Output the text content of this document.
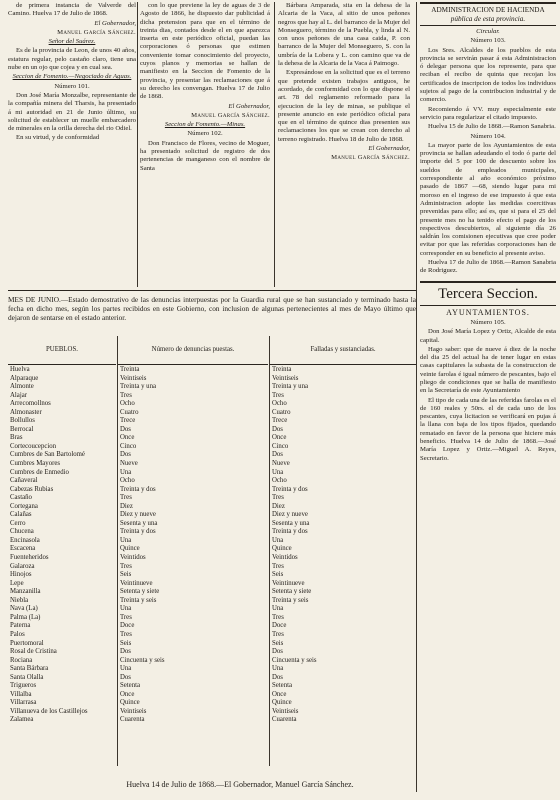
de primera instancia de Valverde del Camino. Huelva 17 de Julio de 1868.

El Gobernador,

Manuel García Sánchez.

Señor del Suárez.

Es de la provincia de Leon, de unos 40 años, estatura regular, pelo castaño claro, tiene una nube en un ojo que cojea y en cual sea.

Seccion de Fomento.—Negociado de Aguas.

Número 101.

Don José María Monzalbe, representante de la compañía minera del Tharsis, ha presentado á mi autoridad en 21 de Junio último, su solicitud de establecer un muelle embarcadero de minerales en la orilla derecha del rio Odiel.

En su virtud, y de conformidad

con lo que previene la ley de aguas de 3 de Agosto de 1866, he dispuesto dar publicidad á dicha pretension para que en el término de treinta dias, contados desde el en que aparezca inserta en este periódico oficial, puedan las corporaciones ó personas que estimen conveniente tomar conocimiento del proyecto, cuyos planos y memorias se hallan de manifiesto en la Seccion de Fomento de la provincia, y presentar las reclamaciones que á su derecho les convengan. Huelva 17 de Julio de 1868.

El Gobernador,

Manuel García Sánchez.

Seccion de Fomento.—Minas.

Número 102.

Don Francisco de Flores, vecino de Moguer, ha presentado solicitud de registro de dos pertenencias de manganeso con el nombre de Santa

Bárbara Amparada, sita en la dehesa de la Alcaria de la Vaca, al sitio de unos peñones negros que hay al L. del barranco de la Mujer del Monseguero, término de la Puebla, y linda al N. con unos peñones de una casa caida, P. con barranco de la Mujer del Monseguero, S. con la umbría de la Lobera y L. con camino que va de la dehesa de la Alcaria de la Vaca á Paimogo.

Expresándose en la solicitud que es el terreno que pretende existen trabajos antiguos, he acordado, de conformidad con lo que dispone el art. 78 del reglamento reformado para la ejecucion de la ley de minas, se publique el presente anuncio en este periódico oficial para que en el término de quince dias presenten sus reclamaciones los que se crean con derecho al terreno registrado. Huelva 18 de Julio de 1868.

El Gobernador,

Manuel García Sánchez.

ADMINISTRACION DE HACIENDA
pública de esta provincia.

Circular.

Número 103.

Los Sres. Alcaldes de los pueblos de esta provincia se servirán pasar á esta Administracion ó delegar persona que los represente, para que reciban el recibo de quinta que recojan los certificados de inscripcion de todos los individuos sujetos al pago de la contribucion industrial y de comercio.

Recomiendo á VV. muy especialmente este servicio para regularizar el citado impuesto.

Huelva 15 de Julio de 1868.—Ramon Sanabria.

Número 104.

La mayor parte de los Ayuntamientos de esta provincia se hallan adeudando el todo ó parte del importe del 5 por 100 de descuento sobre los sueldos de empleados municipales, correspondiente al año económico próximo pasado de 1867 —68, siendo lugar para mi moroso en el ingreso de ese impuesto á que esta Administracion adopte las medidas coercitivas prevenidas para ello; así es, que si para el 25 del presente mes no ha tenido efecto el pago de los respectivos descubiertos, al siguiente día 26 saldrán los comisionen ejecutivas que cree poder evitar por que las referidas corporaciones han de corresponder en su beneficio al presente aviso.

Huelva 17 de Julio de 1868.—Ramon Sanabria de Rodriguez.

Tercera Seccion.
AYUNTAMIENTOS.

Número 105.

Don José María Lopez y Ortiz, Alcalde de esta capital.

Hago saber: que de nueve á diez de la noche del dia 25 del actual ha de tener lugar en estas casas capitulares la subasta de la construccion de veinte farolas é igual número de pescantes, bajo el pliego de condiciones que se halla de manifiesto en la Secretaría de este Ayuntamiento

El tipo de cada una de las referidas farolas es el de 160 reales y 50rs. el de cada uno de los pescantes, cuya licitacion se verificará en pujas á la llana con baja de los tipos fijados, quedando rematado en favor de la persona que hiciere más beneficio. Huelva 14 de Julio de 1868.—José María Lopez y Ortiz.—Miguel A. Reyes, Secretario.

MES DE JUNIO.—Estado demostrativo de las denuncias interpuestas por la Guardia rural que se han sustanciado y terminado hasta la fecha en dicho mes, según los partes recibidos en este Gobierno, con inclusion de algunas pertenecientes al mes de Mayo último que dejaron de sentarse en el estado anterior.
PUEBLOS.	Número de denuncias puestas.	Falladas y sustanciadas.
Huelva	Treinta	Treinta
Alparaque	Veintiseis	Veintiseis
Almonte	Treinta y una	Treinta y una
Alajar	Tres	Tres
Arrecomollnos	Ocho	Ocho
Almonaster	Cuatro	Cuatro
Bollullos	Trece	Trece
Berrocal	Dos	Dos
Bras	Once	Once
Cortecoucepcion	Cinco	Cinco
Cumbres de San Bartolomé	Dos	Dos
Cumbres Mayores	Nueve	Nueve
Cumbres de Enmedio	Una	Una
Cañaveral	Ocho	Ocho
Cabezas Rubias	Treinta y dos	Treinta y dos
Castaño	Tres	Tres
Cortegana	Diez	Diez
Calañas	Diez y nueve	Diez y nueve
Cerro	Sesenta y una	Sesenta y una
Chucena	Treinta y dos	Treinta y dos
Encinasola	Una	Una
Escacena	Quince	Quince
Fuenteheridos	Veintidos	Veintidos
Galaroza	Tres	Tres
Hinojos	Seis	Seis
Lepe	Veintinueve	Veintinueve
Manzanilla	Setenta y siete	Setenta y siete
Niebla	Treinta y seis	Treinta y seis
Nava (La)	Una	Una
Palma (La)	Tres	Tres
Paterna	Doce	Doce
Palos	Tres	Tres
Puertomoral	Seis	Seis
Rosal de Cristina	Dos	Dos
Rociana	Cincuenta y seis	Cincuenta y seis
Santa Bárbara	Una	Una
Santa Olalla	Dos	Dos
Trigueros	Setenta	Setenta
Villalba	Once	Once
Villarrasa	Quince	Quince
Villanueva de los Castillejos	Veintiseis	Veintiseis
Zalamea	Cuarenta	Cuarenta
Huelva 14 de Julio de 1868.—El Gobernador, Manuel García Sánchez.
